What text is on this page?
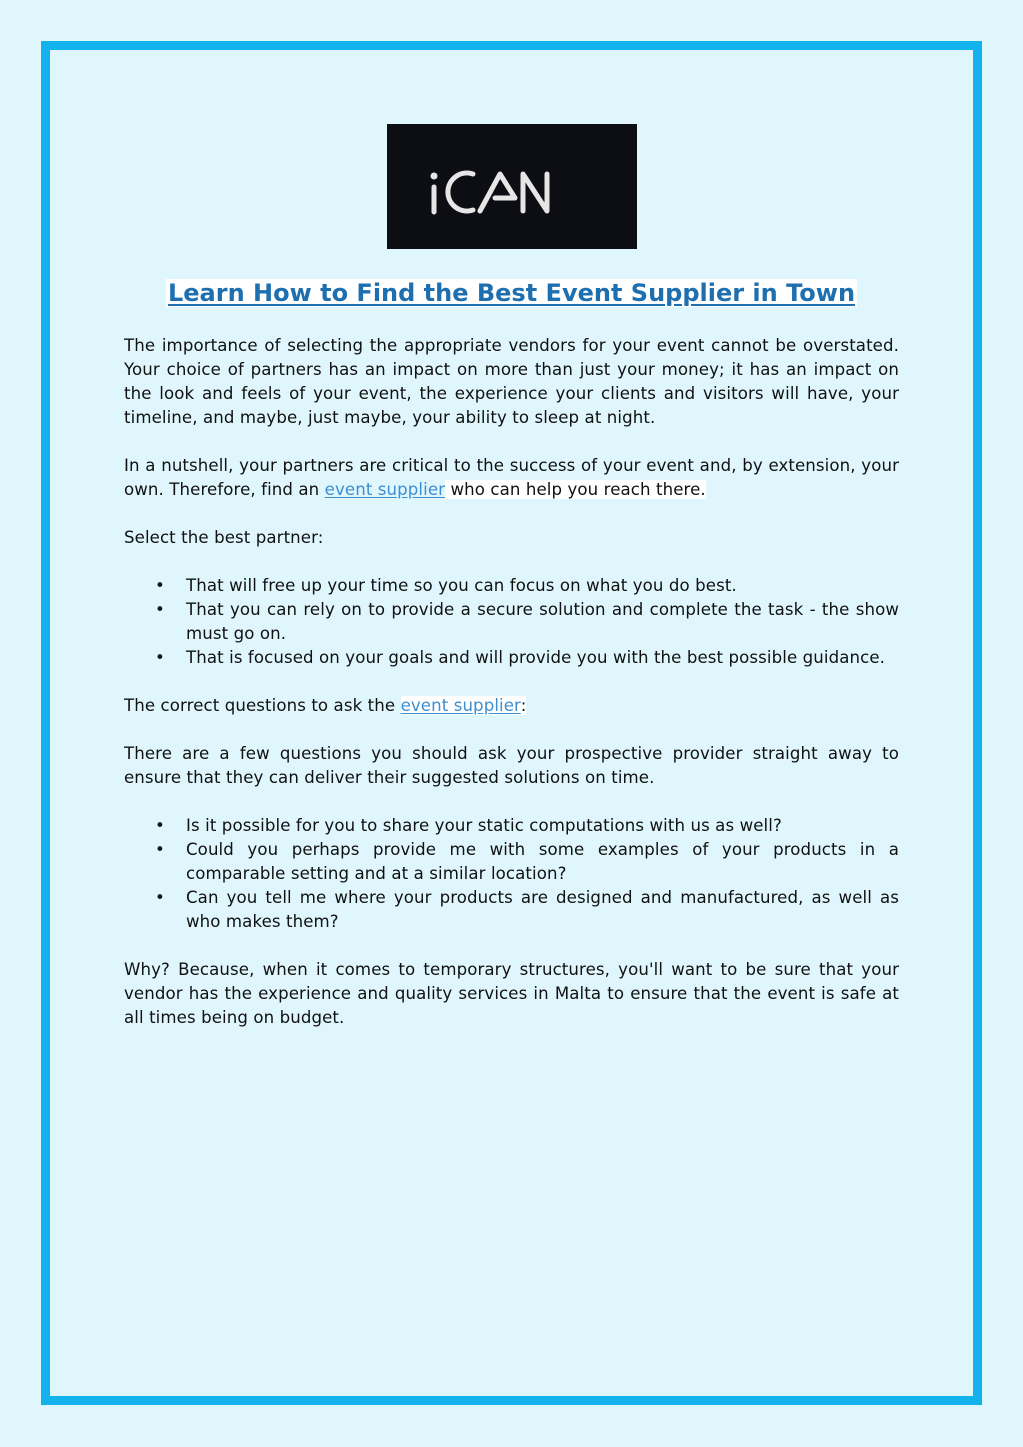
Learn How to Find the Best Event Supplier in Town

The importance of selecting the appropriate vendors for your event cannot be overstated. Your choice of partners has an impact on more than just your money; it has an impact on the look and feels of your event, the experience your clients and visitors will have, your timeline, and maybe, just maybe, your ability to sleep at night.

In a nutshell, your partners are critical to the success of your event and, by extension, your own. Therefore, find an event supplier who can help you reach there.

Select the best partner:

• That will free up your time so you can focus on what you do best.
• That you can rely on to provide a secure solution and complete the task - the show must go on.
• That is focused on your goals and will provide you with the best possible guidance.

The correct questions to ask the event supplier:

There are a few questions you should ask your prospective provider straight away to ensure that they can deliver their suggested solutions on time.

• Is it possible for you to share your static computations with us as well?
• Could you perhaps provide me with some examples of your products in a comparable setting and at a similar location?
• Can you tell me where your products are designed and manufactured, as well as who makes them?

Why? Because, when it comes to temporary structures, you'll want to be sure that your vendor has the experience and quality services in Malta to ensure that the event is safe at all times being on budget.
